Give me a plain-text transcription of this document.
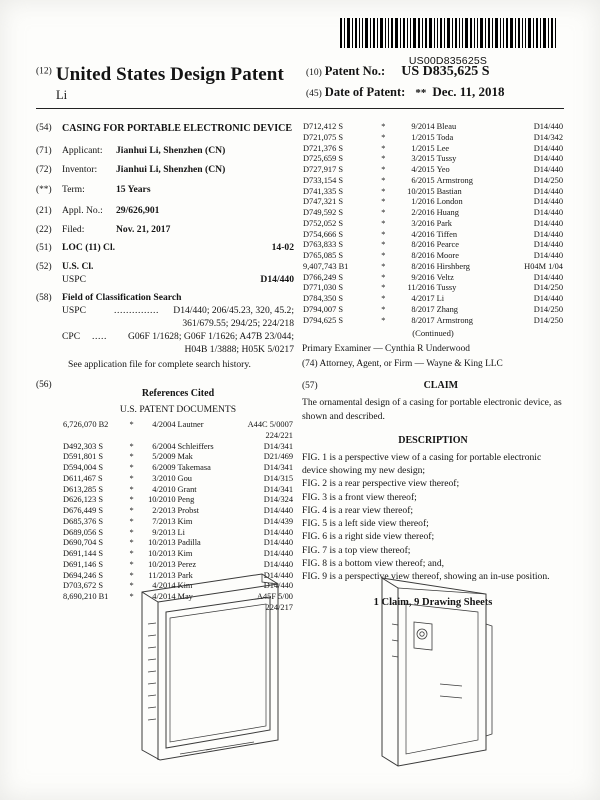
US00D835625S
$^{(12)}$ United States Design Patent
Li
(10) Patent No.: US D835,625 S
(45) Date of Patent: ** Dec. 11, 2018
(54)	CASING FOR PORTABLE ELECTRONIC DEVICE
(71)	Applicant: Jianhui Li, Shenzhen (CN)
(72)	Inventor: Jianhui Li, Shenzhen (CN)
(**)	Term:	15 Years
(21)	Appl. No.: 29/626,901
(22)	Filed:	Nov. 21, 2017
(51)	LOC (11) Cl.	14-02
(52)	U.S. Cl.
USPC	D14/440
(58)	Field of Classification Search
USPC	...............	D14/440; 206/45.23, 320, 45.2;
361/679.55; 294/25; 224/218
CPC	.....	G06F 1/1628; G06F 1/1626; A47B 23/044;
H04B 1/3888; H05K 5/0217
See application file for complete search history.
(56)
References Cited
U.S. PATENT DOCUMENTS
6,726,070 B2	*	4/2004	Lautner	A44C 5/0007
				224/221
D492,303 S	*	6/2004	Schleiffers	D14/341
D591,801 S	*	5/2009	Mak	D21/469
D594,004 S	*	6/2009	Takemasa	D14/341
D611,467 S	*	3/2010	Gou	D14/315
D613,285 S	*	4/2010	Grant	D14/341
D626,123 S	*	10/2010	Peng	D14/324
D676,449 S	*	2/2013	Probst	D14/440
D685,376 S	*	7/2013	Kim	D14/439
D689,056 S	*	9/2013	Li	D14/440
D690,704 S	*	10/2013	Padilla	D14/440
D691,144 S	*	10/2013	Kim	D14/440
D691,146 S	*	10/2013	Perez	D14/440
D694,246 S	*	11/2013	Park	D14/440
D703,672 S	*	4/2014	Kim	D14/440
8,690,210 B1	*	4/2014	May	A45F 5/00
				224/217
D712,412 S	*	9/2014	Bleau	D14/440
D721,075 S	*	1/2015	Toda	D14/342
D721,376 S	*	1/2015	Lee	D14/440
D725,659 S	*	3/2015	Tussy	D14/440
D727,917 S	*	4/2015	Yeo	D14/440
D733,154 S	*	6/2015	Armstrong	D14/250
D741,335 S	*	10/2015	Bastian	D14/440
D747,321 S	*	1/2016	London	D14/440
D749,592 S	*	2/2016	Huang	D14/440
D752,052 S	*	3/2016	Park	D14/440
D754,666 S	*	4/2016	Tiffen	D14/440
D763,833 S	*	8/2016	Pearce	D14/440
D765,085 S	*	8/2016	Moore	D14/440
9,407,743 B1	*	8/2016	Hirshberg	H04M 1/04
D766,249 S	*	9/2016	Veltz	D14/440
D771,030 S	*	11/2016	Tussy	D14/250
D784,350 S	*	4/2017	Li	D14/440
D794,007 S	*	8/2017	Zhang	D14/250
D794,625 S	*	8/2017	Armstrong	D14/250
(Continued)
Primary Examiner — Cynthia R Underwood
(74) Attorney, Agent, or Firm — Wayne & King LLC
(57)	CLAIM
The ornamental design of a casing for portable electronic device, as shown and described.
DESCRIPTION
FIG. 1 is a perspective view of a casing for portable electronic device showing my new design;
FIG. 2 is a rear perspective view thereof;
FIG. 3 is a front view thereof;
FIG. 4 is a rear view thereof;
FIG. 5 is a left side view thereof;
FIG. 6 is a right side view thereof;
FIG. 7 is a top view thereof;
FIG. 8 is a bottom view thereof; and,
FIG. 9 is a perspective view thereof, showing an in-use position.
1 Claim, 9 Drawing Sheets
